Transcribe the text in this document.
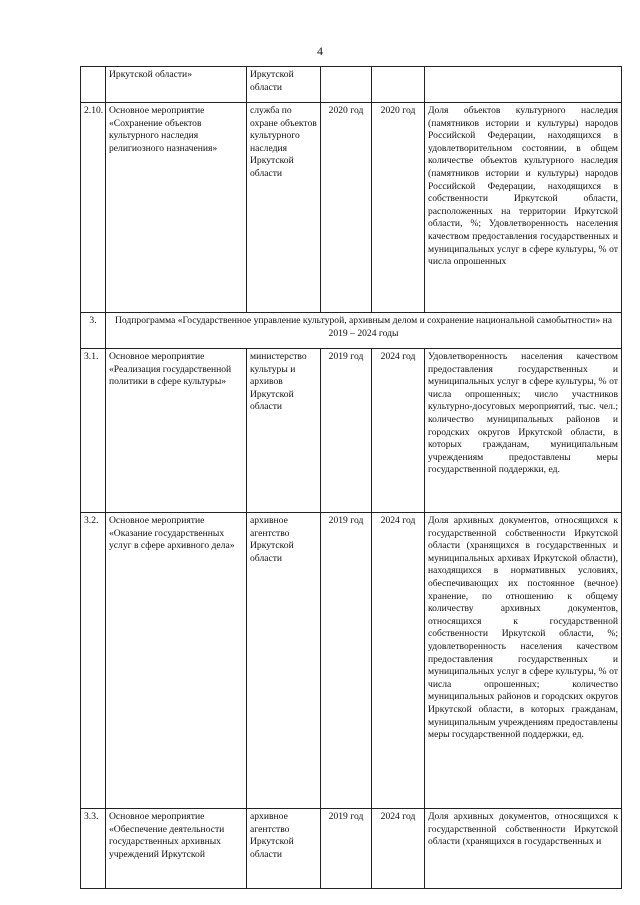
4
	Иркутской области»	Иркутской области			
2.10.	Основное мероприятие «Сохранение объектов культурного наследия религиозного назначения»	служба по охране объектов культурного наследия Иркутской области	2020 год	2020 год	Доля объектов культурного наследия (памятников истории и культуры) народов Российской Федерации, находящихся в удовлетворительном состоянии, в общем количестве объектов культурного наследия (памятников истории и культуры) народов Российской Федерации, находящихся в собственности Иркутской области, расположенных на территории Иркутской области, %; Удовлетворенность населения качеством предоставления государственных и муниципальных услуг в сфере культуры, % от числа опрошенных
3.	Подпрограмма «Государственное управление культурой, архивным делом и сохранение национальной самобытности» на 2019 – 2024 годы				
3.1.	Основное мероприятие «Реализация государственной политики в сфере культуры»	министерство культуры и архивов Иркутской области	2019 год	2024 год	Удовлетворенность населения качеством предоставления государственных и муниципальных услуг в сфере культуры, % от числа опрошенных; число участников культурно-досуговых мероприятий, тыс. чел.; количество муниципальных районов и городских округов Иркутской области, в которых гражданам, муниципальным учреждениям предоставлены меры государственной поддержки, ед.
3.2.	Основное мероприятие «Оказание государственных услуг в сфере архивного дела»	архивное агентство Иркутской области	2019 год	2024 год	Доля архивных документов, относящихся к государственной собственности Иркутской области (хранящихся в государственных и муниципальных архивах Иркутской области), находящихся в нормативных условиях, обеспечивающих их постоянное (вечное) хранение, по отношению к общему количеству архивных документов, относящихся к государственной собственности Иркутской области, %; удовлетворенность населения качеством предоставления государственных и муниципальных услуг в сфере культуры, % от числа опрошенных; количество муниципальных районов и городских округов Иркутской области, в которых гражданам, муниципальным учреждениям предоставлены меры государственной поддержки, ед.
3.3.	Основное мероприятие «Обеспечение деятельности государственных архивных учреждений Иркутской	архивное агентство Иркутской области	2019 год	2024 год	Доля архивных документов, относящихся к государственной собственности Иркутской области (хранящихся в государственных и
